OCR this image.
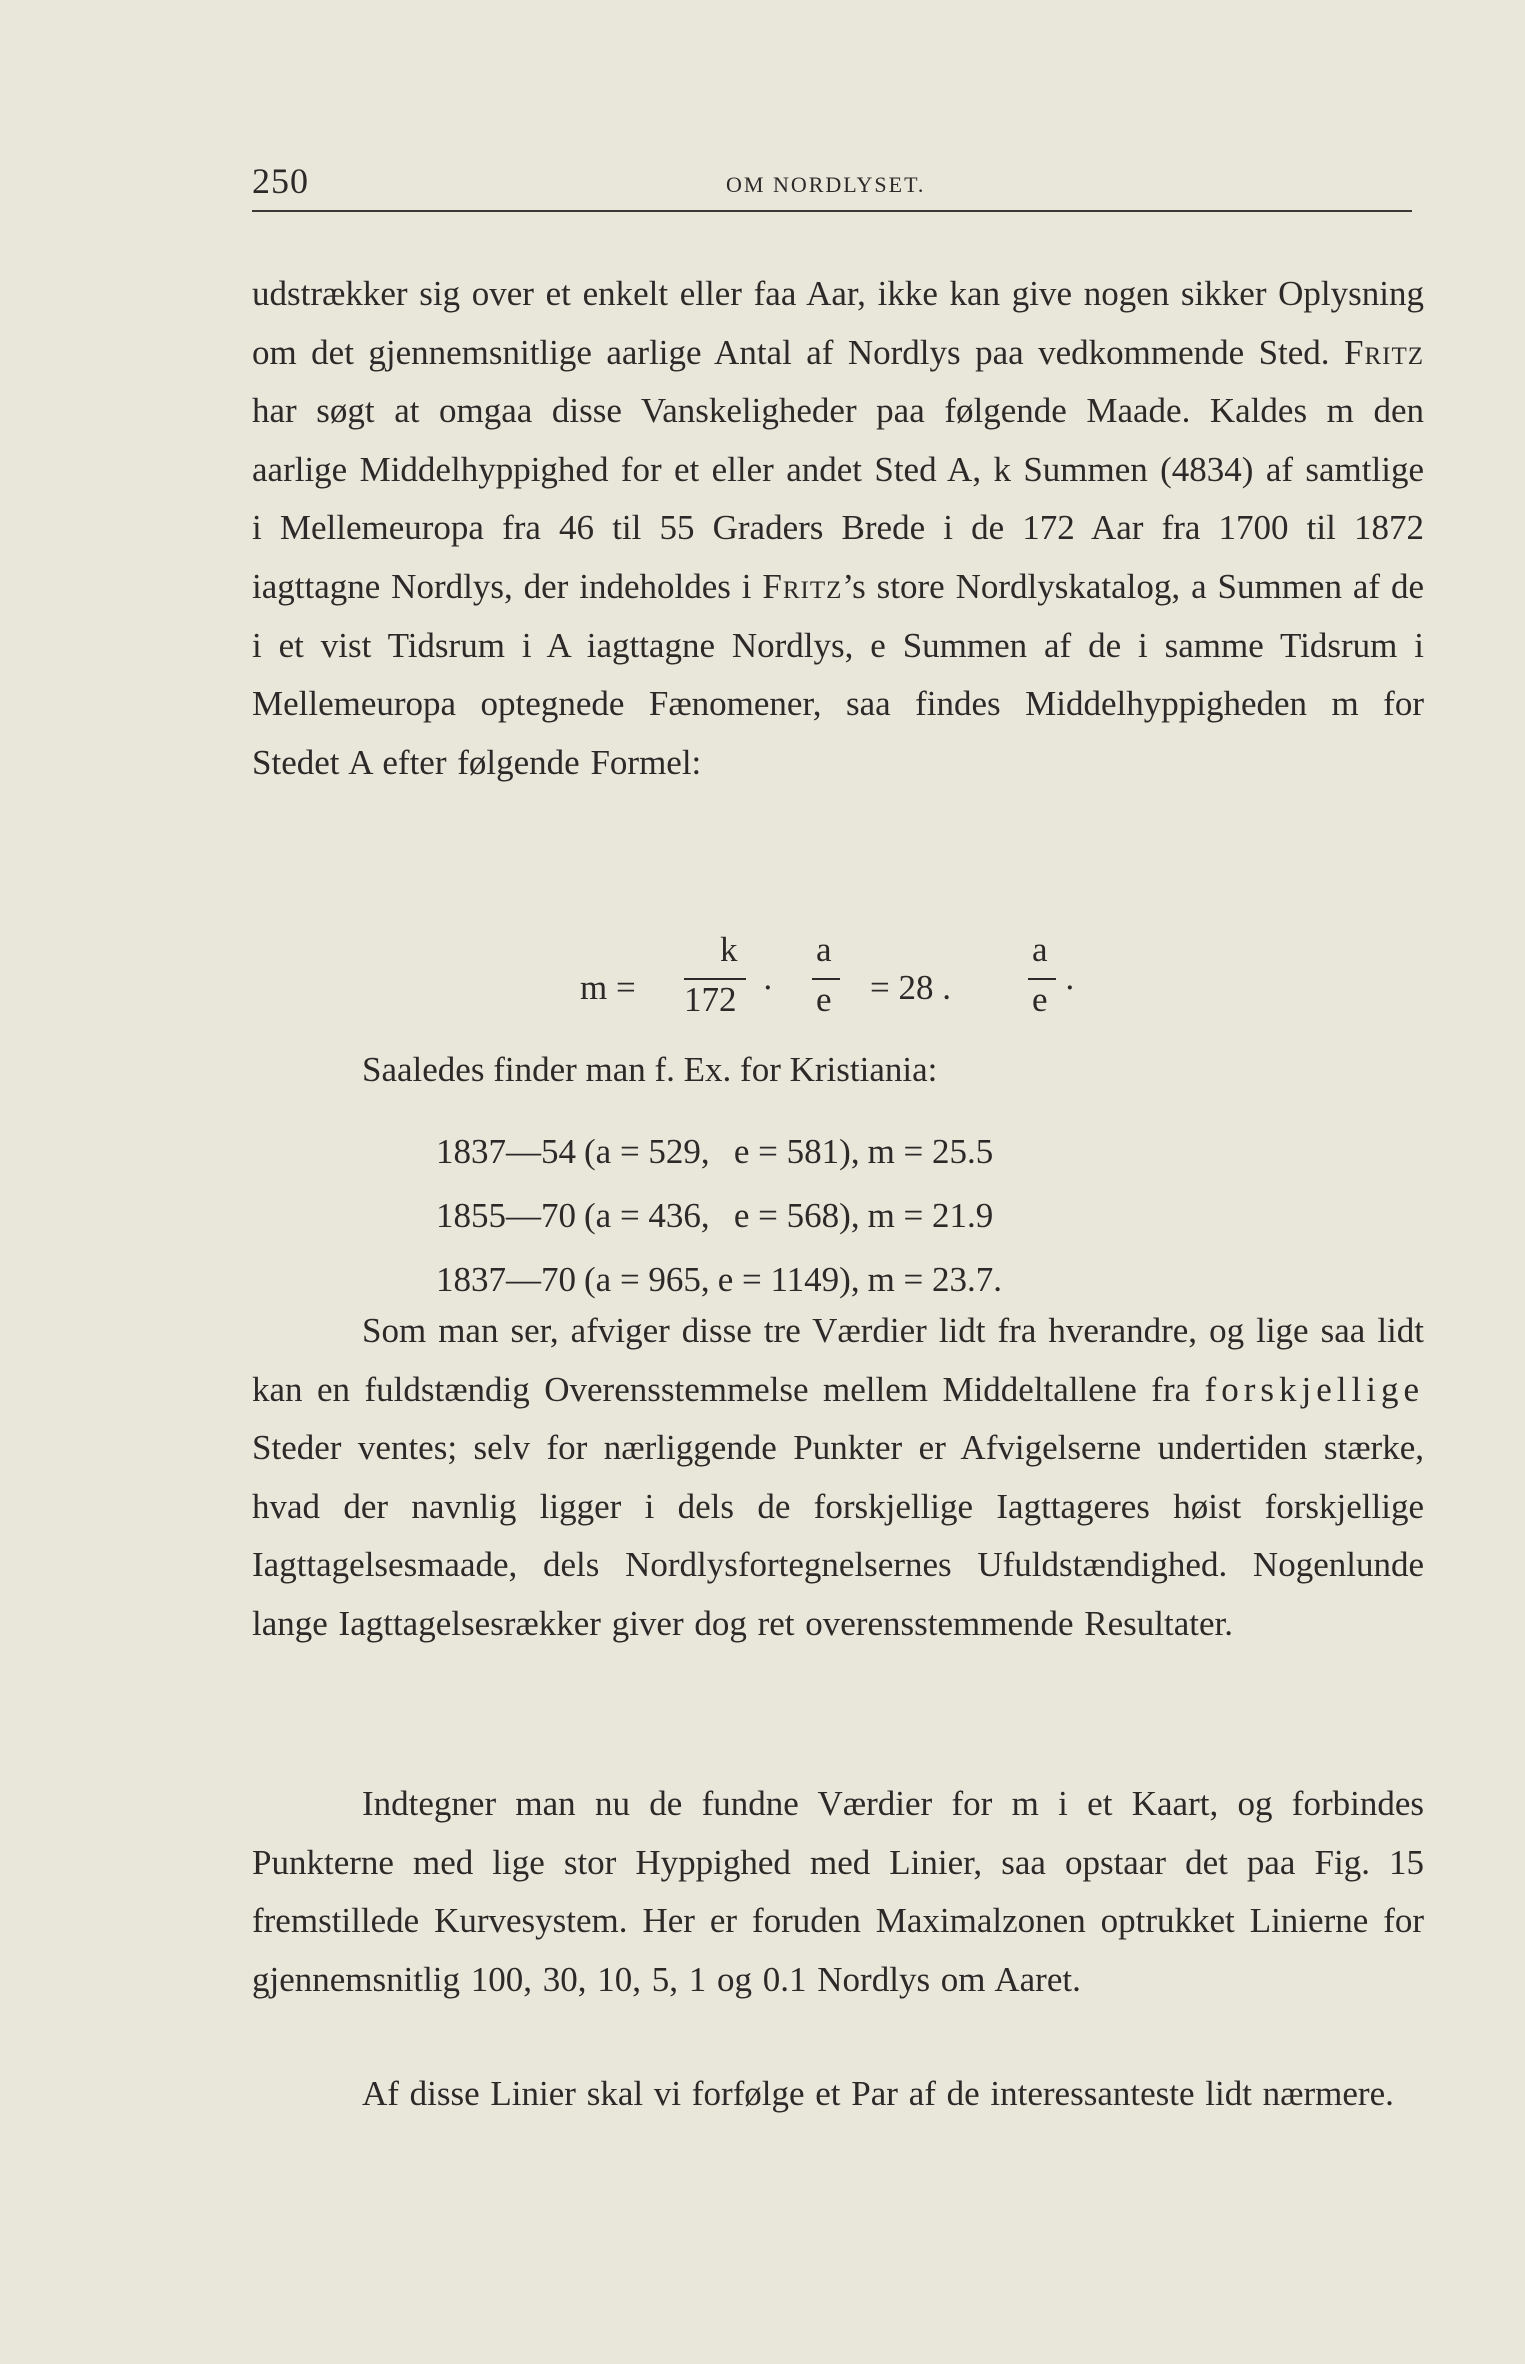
250	OM NORDLYSET.

udstrækker sig over et enkelt eller faa Aar, ikke kan give nogen sikker Oplysning om det gjennemsnitlige aarlige Antal af Nordlys paa vedkommende Sted. Fritz har søgt at omgaa disse Vanskeligheder paa følgende Maade. Kaldes m den aarlige Middelhyppighed for et eller andet Sted A, k Summen (4834) af samtlige i Mellemeuropa fra 46 til 55 Graders Brede i de 172 Aar fra 1700 til 1872 iagttagne Nordlys, der indeholdes i Fritz’s store Nordlyskatalog, a Summen af de i et vist Tidsrum i A iagttagne Nordlys, e Summen af de i samme Tidsrum i Mellemeuropa optegnede Fænomener, saa findes Middelhyppigheden m for Stedet A efter følgende Formel:

m =
k
172 ·
a
e = 28 .
a
e ·

Saaledes finder man f. Ex. for Kristiania:

1837—54	(a = 529,	e = 581),	m = 25.5
1855—70	(a = 436,	e = 568),	m = 21.9
1837—70	(a = 965,	e = 1149),	m = 23.7.

Som man ser, afviger disse tre Værdier lidt fra hverandre, og lige saa lidt kan en fuldstændig Overensstemmelse mellem Middeltallene fra forskjellige Steder ventes; selv for nærliggende Punkter er Afvigelserne undertiden stærke, hvad der navnlig ligger i dels de forskjellige Iagttageres høist forskjellige Iagttagelsesmaade, dels Nordlysfortegnelsernes Ufuldstændighed. Nogenlunde lange Iagttagelsesrækker giver dog ret overensstemmende Resultater.

Indtegner man nu de fundne Værdier for m i et Kaart, og forbindes Punkterne med lige stor Hyppighed med Linier, saa opstaar det paa Fig. 15 fremstillede Kurvesystem. Her er foruden Maximalzonen optrukket Linierne for gjennemsnitlig 100, 30, 10, 5, 1 og 0.1 Nordlys om Aaret.

Af disse Linier skal vi forfølge et Par af de interessanteste lidt nærmere.
